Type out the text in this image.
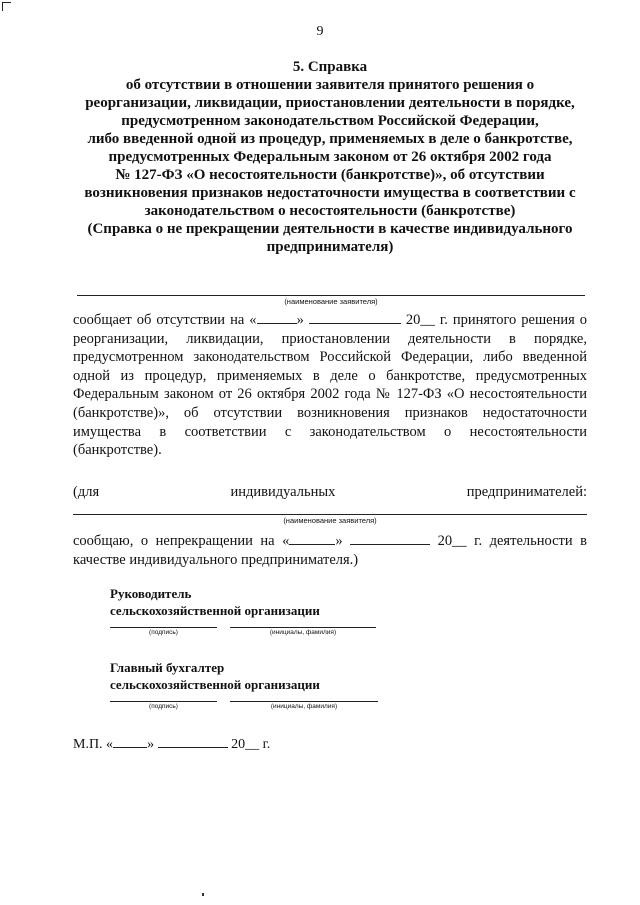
9
5. Справка
об отсутствии в отношении заявителя принятого решения о
реорганизации, ликвидации, приостановлении деятельности в порядке,
предусмотренном законодательством Российской Федерации,
либо введенной одной из процедур, применяемых в деле о банкротстве,
предусмотренных Федеральным законом от 26 октября 2002 года
№ 127-ФЗ «О несостоятельности (банкротстве)», об отсутствии
возникновения признаков недостаточности имущества в соответствии с
законодательством о несостоятельности (банкротстве)
(Справка о не прекращении деятельности в качестве индивидуального
предпринимателя)
(наименование заявителя)
сообщает об отсутствии на «	»	20__ г. принятого решения о
реорганизации, ликвидации, приостановлении деятельности в порядке,
предусмотренном законодательством Российской Федерации, либо введенной
одной из процедур, применяемых в деле о банкротстве, предусмотренных
Федеральным законом от 26 октября 2002 года № 127-ФЗ «О несостоятельности
(банкротстве)», об отсутствии возникновения признаков недостаточности
имущества в соответствии с законодательством о несостоятельности
(банкротстве).
(для индивидуальных предпринимателей:
(наименование заявителя)
сообщаю, о непрекращении на «	»	20__ г. деятельности в
качестве индивидуального предпринимателя.)
Руководитель
сельскохозяйственной организации
(подпись)	(инициалы, фамилия)
Главный бухгалтер
сельскохозяйственной организации
(подпись)	(инициалы, фамилия)
М.П. « »	20__ г.
